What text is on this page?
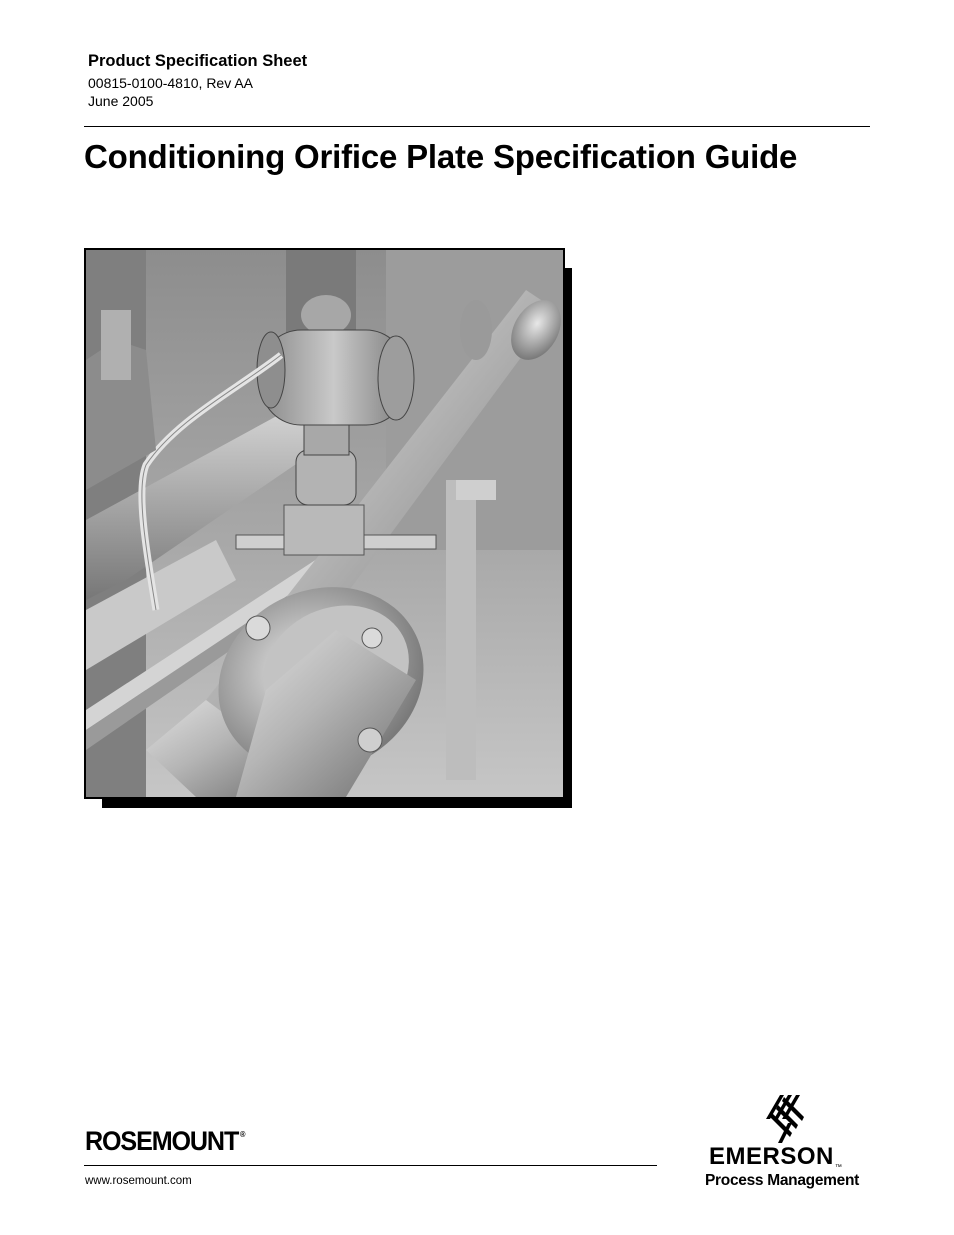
Product Specification Sheet
00815-0100-4810, Rev AA
June 2005
Conditioning Orifice Plate Specification Guide
ROSEMOUNT ®
www.rosemount.com
EMERSON™
Process Management
